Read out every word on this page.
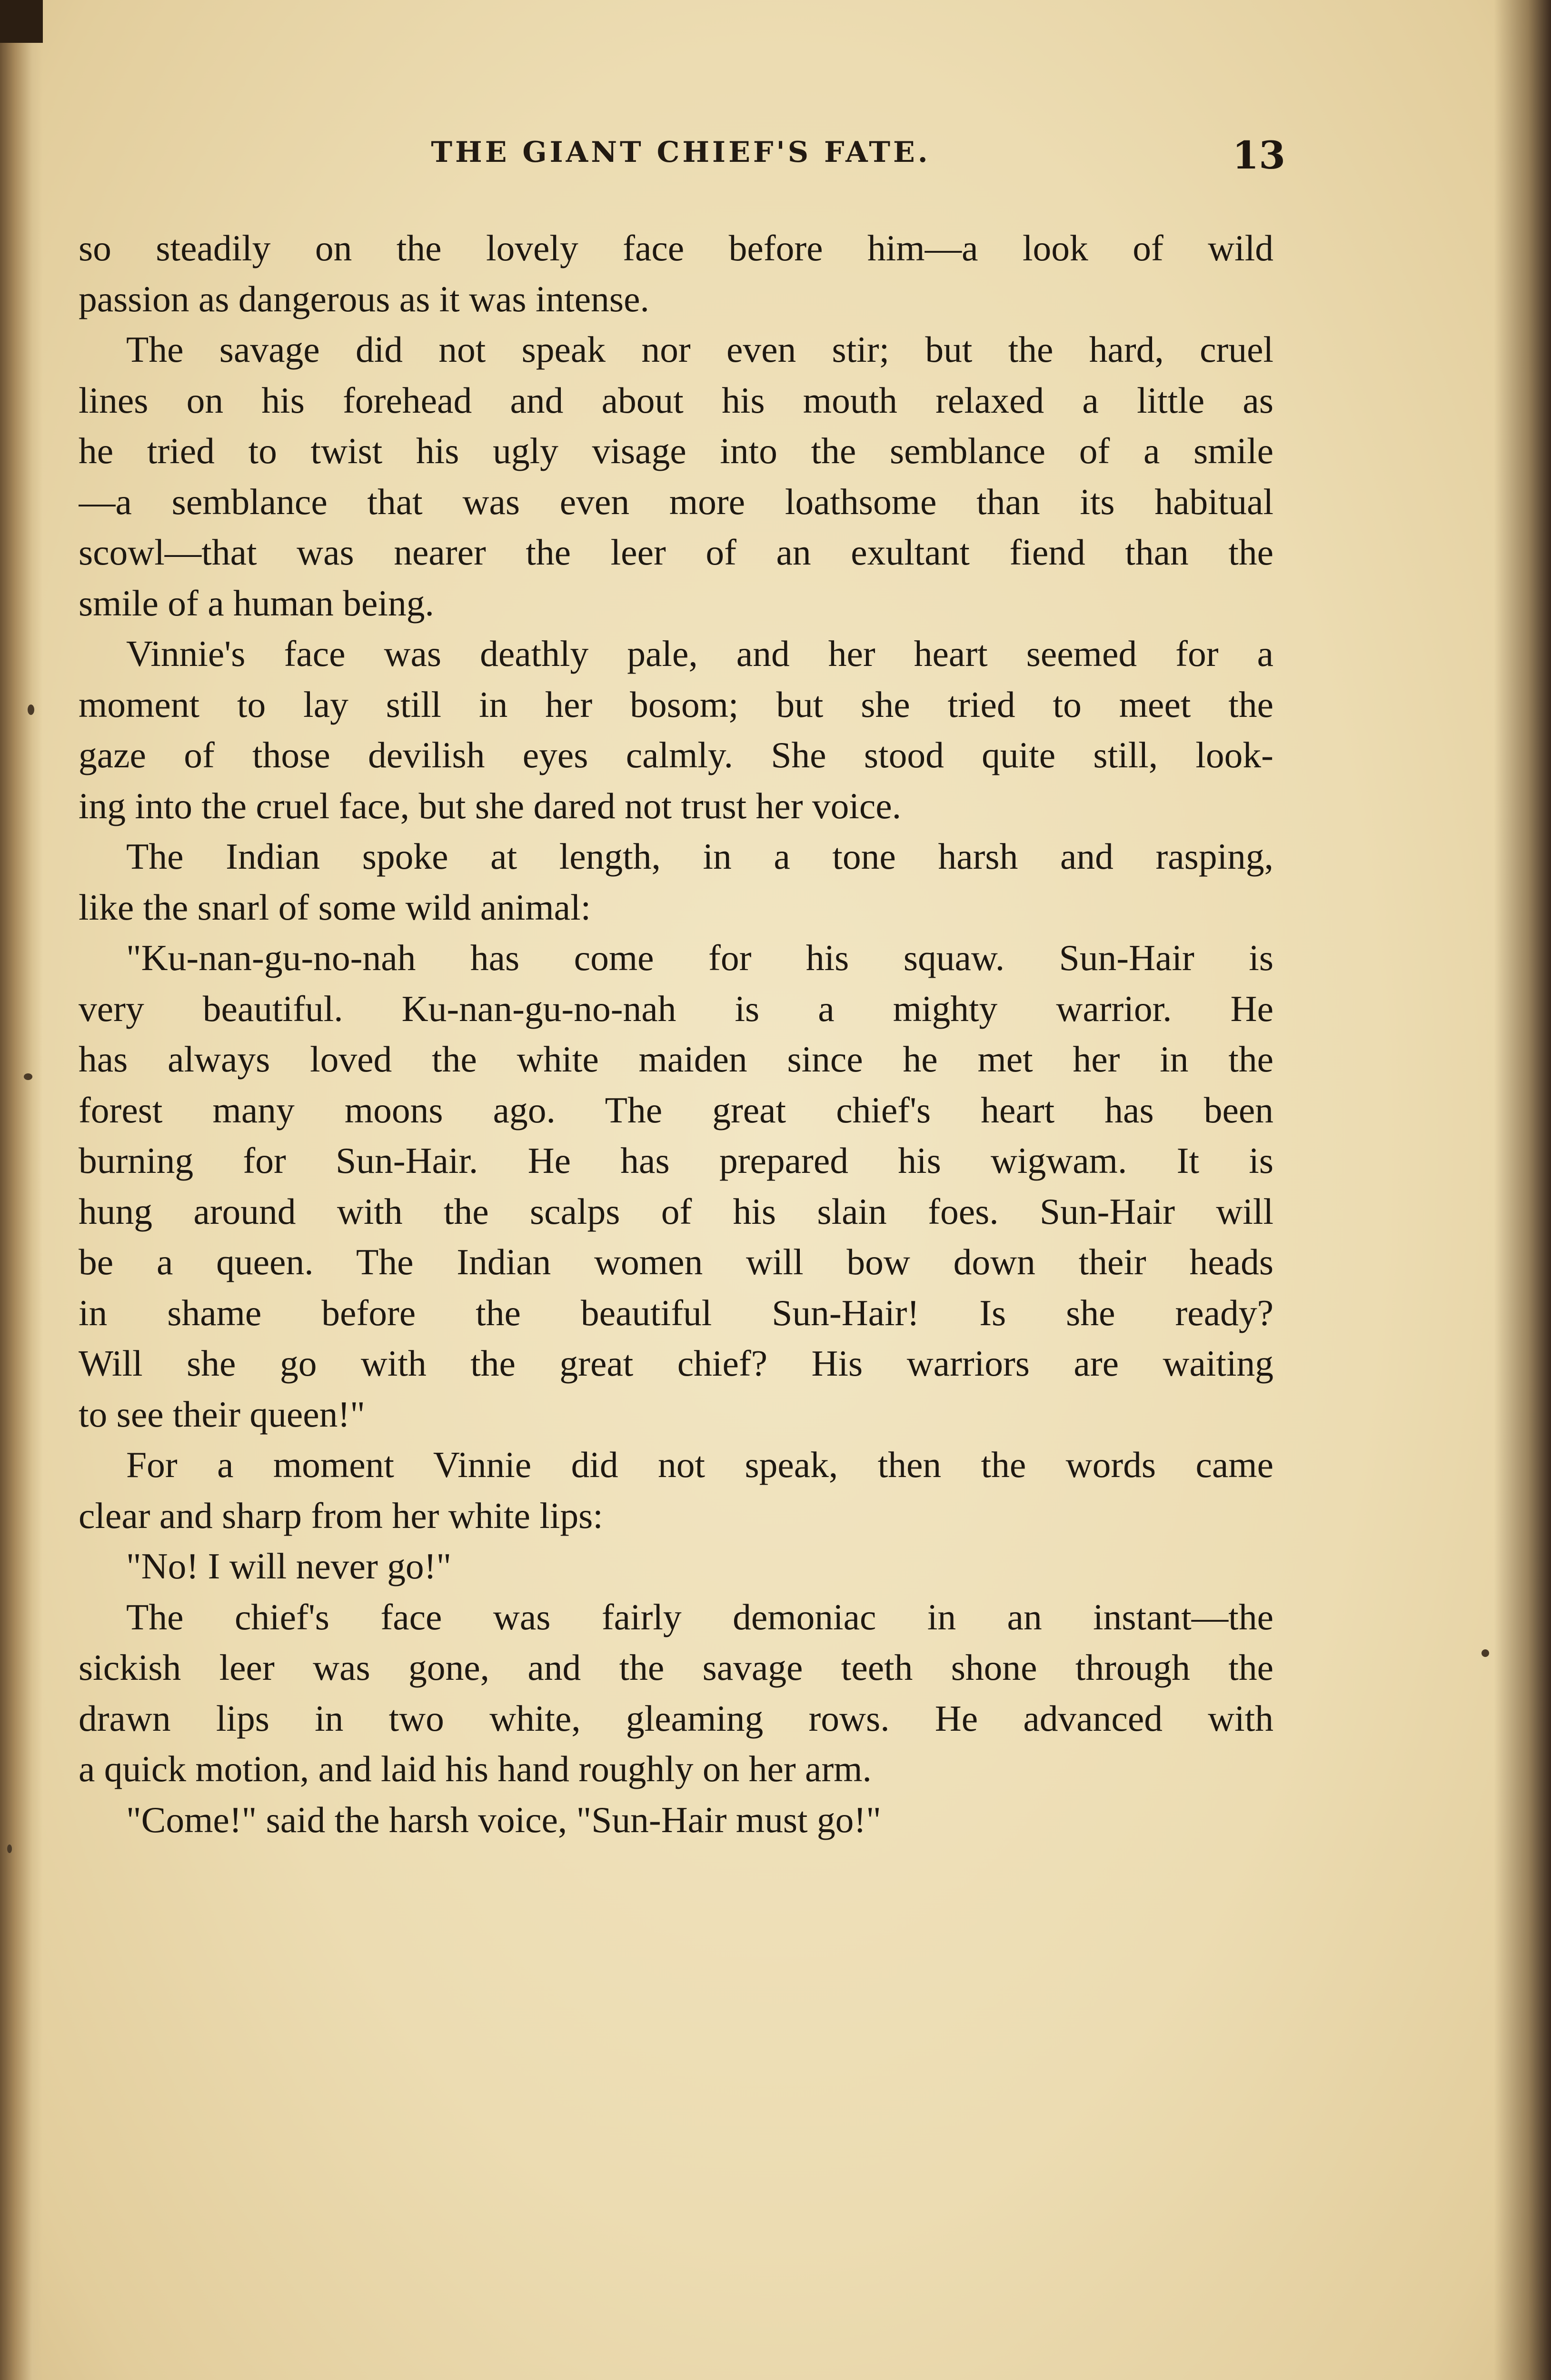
THE GIANT CHIEF'S FATE.	13
so steadily on the lovely face before him—a look of wild
passion as dangerous as it was intense.
The savage did not speak nor even stir; but the hard, cruel
lines on his forehead and about his mouth relaxed a little as
he tried to twist his ugly visage into the semblance of a smile
—a semblance that was even more loathsome than its habitual
scowl—that was nearer the leer of an exultant fiend than the
smile of a human being.
Vinnie's face was deathly pale, and her heart seemed for a
moment to lay still in her bosom; but she tried to meet the
gaze of those devilish eyes calmly. She stood quite still, look-
ing into the cruel face, but she dared not trust her voice.
The Indian spoke at length, in a tone harsh and rasping,
like the snarl of some wild animal:
"Ku-nan-gu-no-nah has come for his squaw. Sun-Hair is
very beautiful. Ku-nan-gu-no-nah is a mighty warrior. He
has always loved the white maiden since he met her in the
forest many moons ago. The great chief's heart has been
burning for Sun-Hair. He has prepared his wigwam. It is
hung around with the scalps of his slain foes. Sun-Hair will
be a queen. The Indian women will bow down their heads
in shame before the beautiful Sun-Hair! Is she ready?
Will she go with the great chief? His warriors are waiting
to see their queen!"
For a moment Vinnie did not speak, then the words came
clear and sharp from her white lips:
"No! I will never go!"
The chief's face was fairly demoniac in an instant—the
sickish leer was gone, and the savage teeth shone through the
drawn lips in two white, gleaming rows. He advanced with
a quick motion, and laid his hand roughly on her arm.
"Come!" said the harsh voice, "Sun-Hair must go!"
